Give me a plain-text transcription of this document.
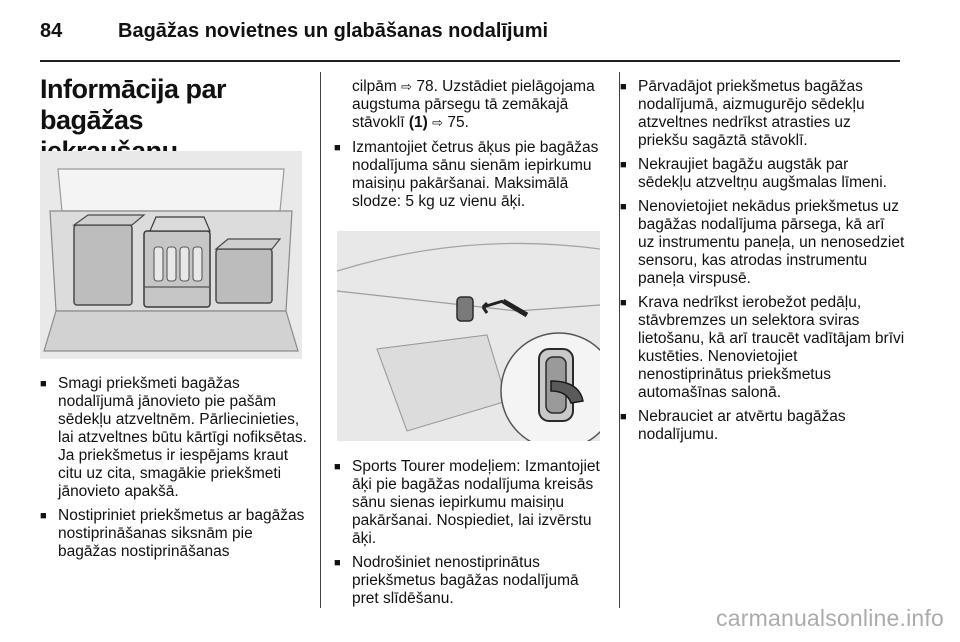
84	Bagāžas novietnes un glabāšanas nodalījumi
Informācija par bagāžas
■ Smagi priekšmeti bagāžas nodalījumā jānovieto pie pašām sēdekļu atzveltnēm. Pārliecinieties, lai atzveltnes būtu kārtīgi nofiksētas. Ja priekšmetus ir iespējams kraut citu uz cita, smagākie priekšmeti jānovieto apakšā.
■ Nostipriniet priekšmetus ar bagāžas nostiprināšanas siksnām pie bagāžas nostiprināšanas
cilpām ⇨ 78. Uzstādiet pielāgojama augstuma pārsegu tā zemākajā stāvoklī (1) ⇨ 75.
■ Izmantojiet četrus āķus pie bagāžas nodalījuma sānu sienām iepirkumu maisiņu pakāršanai. Maksimālā slodze: 5 kg uz vienu āķi.
■ Sports Tourer modeļiem: Izmantojiet āķi pie bagāžas nodalījuma kreisās sānu sienas iepirkumu maisiņu pakāršanai. Nospiediet, lai izvērstu āķi.
■ Nodrošiniet nenostiprinātus priekšmetus bagāžas nodalījumā pret slīdēšanu.
■ Pārvadājot priekšmetus bagāžas nodalījumā, aizmugurējo sēdekļu atzveltnes nedrīkst atrasties uz priekšu sagāztā stāvoklī.
■ Nekraujiet bagāžu augstāk par sēdekļu atzveltņu augšmalas līmeni.
■ Nenovietojiet nekādus priekšmetus uz bagāžas nodalījuma pārsega, kā arī uz instrumentu paneļa, un nenosedziet sensoru, kas atrodas instrumentu paneļa virspusē.
■ Krava nedrīkst ierobežot pedāļu, stāvbremzes un selektora sviras lietošanu, kā arī traucēt vadītājam brīvi kustēties. Nenovietojiet nenostiprinātus priekšmetus automašīnas salonā.
■ Nebrauciet ar atvērtu bagāžas nodalījumu.
carmanualsonline.info
